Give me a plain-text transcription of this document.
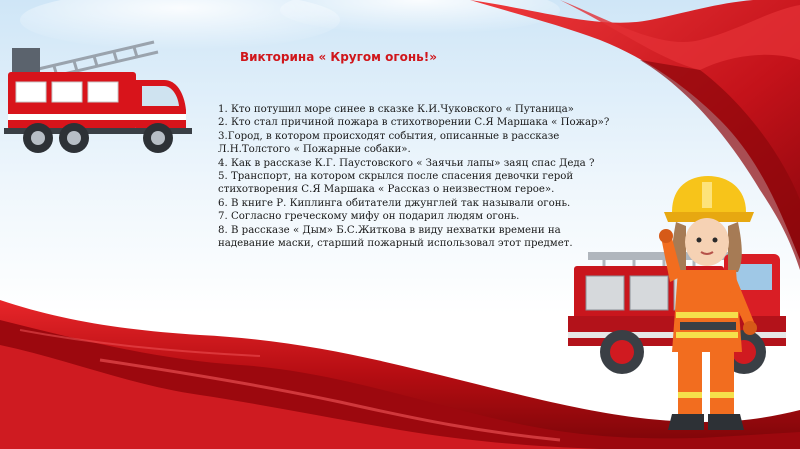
Викторина « Кругом огонь!»
1. Кто потушил море синее в сказке К.И.Чуковского « Путаница»
2. Кто стал причиной пожара в стихотворении С.Я Маршака « Пожар»?
3.Город, в котором происходят события, описанные в рассказе
Л.Н.Толстого « Пожарные собаки».
4. Как в рассказе К.Г. Паустовского « Заячьи лапы» заяц спас Деда ?
5. Транспорт, на котором скрылся после спасения девочки герой
стихотворения С.Я Маршака « Рассказ о неизвестном герое».
6. В книге Р. Киплинга обитатели джунглей так называли огонь.
7. Согласно греческому мифу он подарил людям огонь.
8. В рассказе « Дым» Б.С.Житкова в виду нехватки времени на
надевание маски, старший пожарный использовал этот предмет.
